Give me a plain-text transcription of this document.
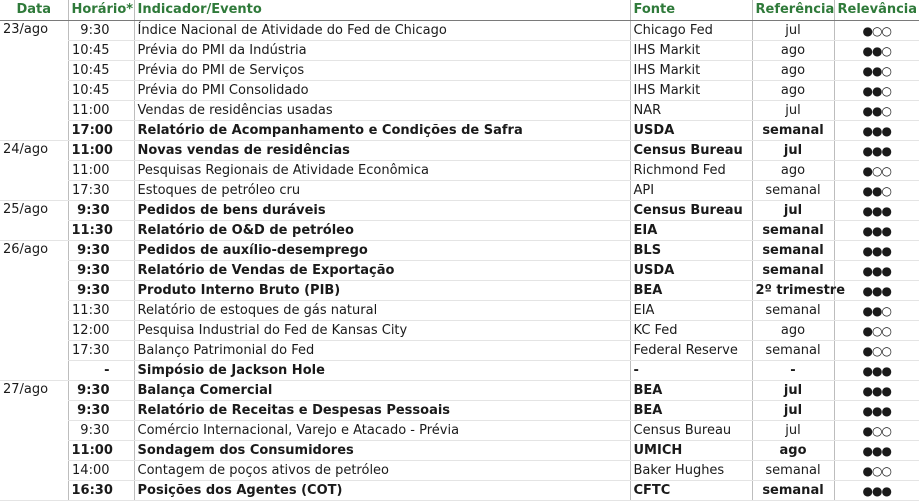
Data	Horário*	Indicador/Evento	Fonte	Referência	Relevância
23/ago	9:30	Índice Nacional de Atividade do Fed de Chicago	Chicago Fed	jul	●○○
	10:45	Prévia do PMI da Indústria	IHS Markit	ago	●●○
	10:45	Prévia do PMI de Serviços	IHS Markit	ago	●●○
	10:45	Prévia do PMI Consolidado	IHS Markit	ago	●●○
	11:00	Vendas de residências usadas	NAR	jul	●●○
	17:00	Relatório de Acompanhamento e Condições de Safra	USDA	semanal	●●●
24/ago	11:00	Novas vendas de residências	Census Bureau	jul	●●●
	11:00	Pesquisas Regionais de Atividade Econômica	Richmond Fed	ago	●○○
	17:30	Estoques de petróleo cru	API	semanal	●●○
25/ago	9:30	Pedidos de bens duráveis	Census Bureau	jul	●●●
	11:30	Relatório de O&D de petróleo	EIA	semanal	●●●
26/ago	9:30	Pedidos de auxílio-desemprego	BLS	semanal	●●●
	9:30	Relatório de Vendas de Exportação	USDA	semanal	●●●
	9:30	Produto Interno Bruto (PIB)	BEA	2º trimestre	●●●
	11:30	Relatório de estoques de gás natural	EIA	semanal	●●○
	12:00	Pesquisa Industrial do Fed de Kansas City	KC Fed	ago	●○○
	17:30	Balanço Patrimonial do Fed	Federal Reserve	semanal	●○○
	-	Simpósio de Jackson Hole	-	-	●●●
27/ago	9:30	Balança Comercial	BEA	jul	●●●
	9:30	Relatório de Receitas e Despesas Pessoais	BEA	jul	●●●
	9:30	Comércio Internacional, Varejo e Atacado - Prévia	Census Bureau	jul	●○○
	11:00	Sondagem dos Consumidores	UMICH	ago	●●●
	14:00	Contagem de poços ativos de petróleo	Baker Hughes	semanal	●○○
	16:30	Posições dos Agentes (COT)	CFTC	semanal	●●●
